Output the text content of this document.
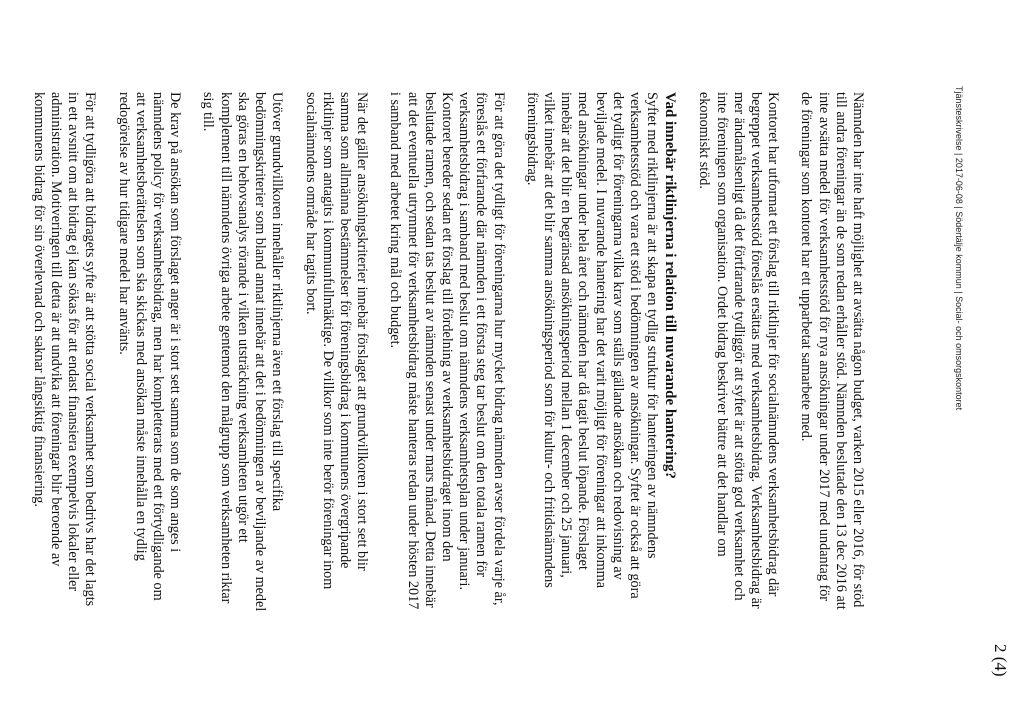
Tjänsteskrivelse | 2017-06-08 | Södertälje kommun | Social- och omsorgskontoret
2 (4)

Nämnden har inte haft möjlighet att avsätta någon budget, varken 2015 eller 2016, för stöd till andra föreningar än de som redan erhåller stöd. Nämnden beslutade den 13 dec 2016 att inte avsätta medel för verksamhetsstöd för nya ansökningar under 2017 med undantag för de föreningar som kontoret har ett upparbetat samarbete med.

Kontoret har utformat ett förslag till riktlinjer för socialnämndens verksamhetsbidrag där begreppet verksamhetsstöd föreslås ersättas med verksamhetsbidrag. Verksamhetsbidrag är mer ändamålsenligt då det förtfarande tydliggör att syftet är att stötta god verksamhet och inte föreningen som organisation. Ordet bidrag beskriver bättre att det handlar om ekonomiskt stöd.

Vad innebär riktlinjerna i relation till nuvarande hantering?

Syftet med riktlinjerna är att skapa en tydlig struktur för hanteringen av nämndens verksamhetsstöd och vara ett stöd i bedömningen av ansökningar. Syftet är också att göra det tydligt för föreningarna vilka krav som ställs gällande ansökan och redovisning av beviljade medel. I nuvarande hantering har det varit möjligt för föreningar att inkomma med ansökningar under hela året och nämnden har då tagit beslut löpande. Förslaget innebär att det blir en begränsad ansökningsperiod mellan 1 december och 25 januari, vilket innebär att det blir samma ansökningsperiod som för kultur- och fritidsnämndens föreningsbidrag.

För att göra det tydligt för föreningarna hur mycket bidrag nämnden avser fördela varje år, föreslås ett förfarande där nämnden i ett första steg tar beslut om den totala ramen för verksamhetsbidrag i samband med beslut om nämndens verksamhetsplan under januari. Kontoret bereder sedan ett förslag till fördelning av verksamhetsbidraget inom den beslutade ramen, och sedan tas beslut av nämnden senast under mars månad. Detta innebär att det eventuella utrymmet för verksamhetsbidrag måste hanteras redan under hösten 2017 i samband med arbetet kring mål och budget.

När det gäller ansökningskriterier innebär förslaget att grundvillkoren i stort sett blir samma som allmänna bestämmelser för föreningsbidrag i kommunens övergripande riktlinjer som antagits i kommunfullmäktige. De villkor som inte berör föreningar inom socialnämndens område har tagits bort.

Utöver grundvillkoren innehåller riktlinjerna även ett förslag till specifika bedömningskriterier som bland annat innebär att det i bedömningen av beviljande av medel ska göras en behovsanalys rörande i vilken utsträckning verksamheten utgör ett komplement till nämndens övriga arbete gentemot den målgrupp som verksamheten riktar sig till.

De krav på ansökan som förslaget anger är i stort sett samma som de som anges i nämndens policy för verksamhetsbidrag, men har kompletterats med ett förtydligande om att verksamhetsberättelsen som ska skickas med ansökan måste innehålla en tydlig redogörelse av hur tidigare medel har använts.

För att tydligöra att bidragets syfte är att stötta social verksamhet som bedrivs har det lagts in ett avsnitt om att bidrag ej kan sökas för att endast finansiera exempelvis lokaler eller administration. Motiveringen till detta är att undvika att föreningar blir beroende av kommunens bidrag för sin överlevnad och saknar långsiktig finansiering.
